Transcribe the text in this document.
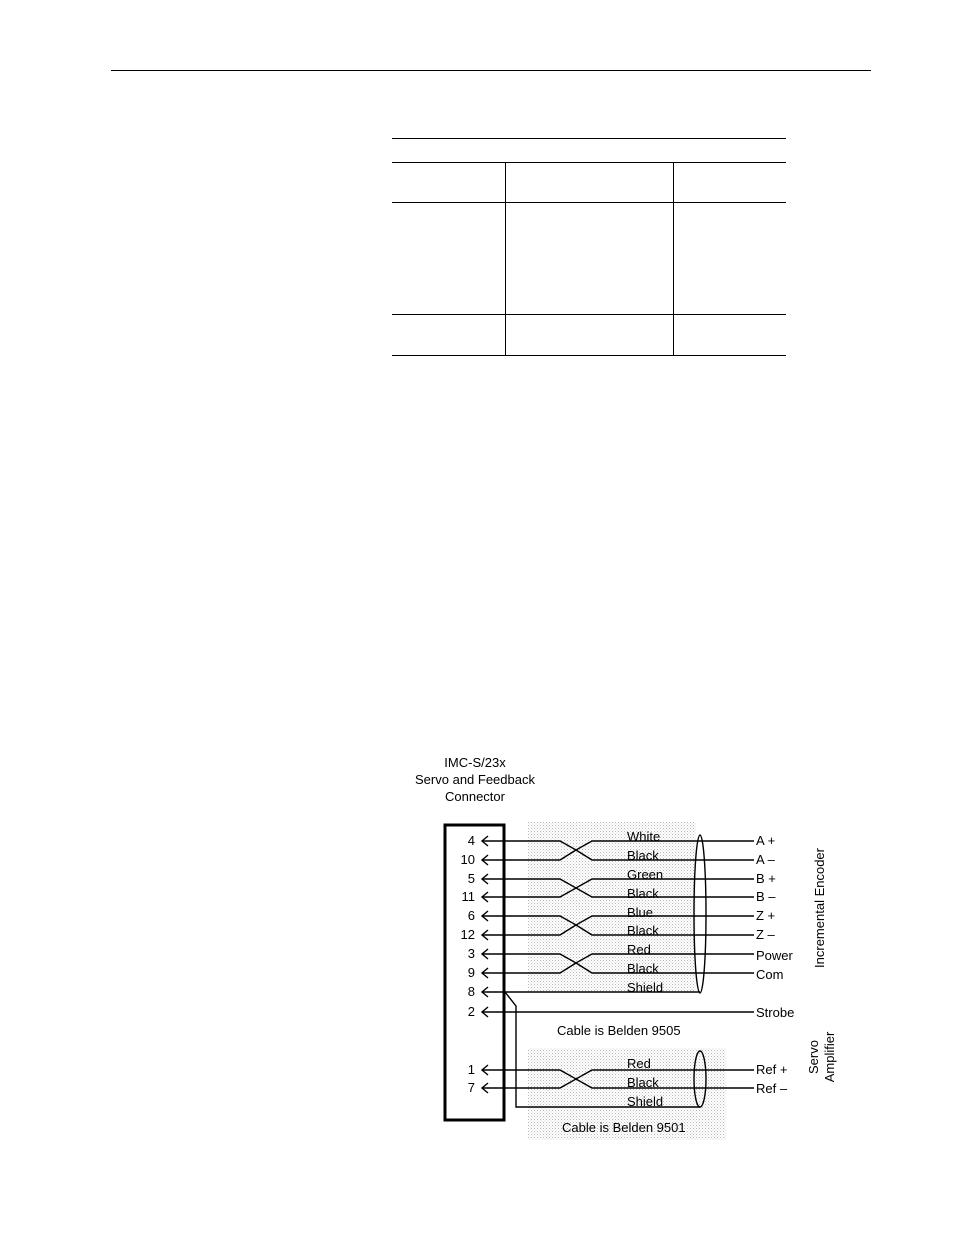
IMC-S/23x
Servo and Feedback
Connector
4
10
5
11
6
12
3
9
8
2
1
7
White
Black
Green
Black
Blue
Black
Red
Black
Shield
A +
A –
B +
B –
Z +
Z –
Power
Com
Strobe
Incremental Encoder
Cable is Belden 9505
Red
Black
Shield
Ref +
Ref –
Servo Amplifier
Cable is Belden 9501
